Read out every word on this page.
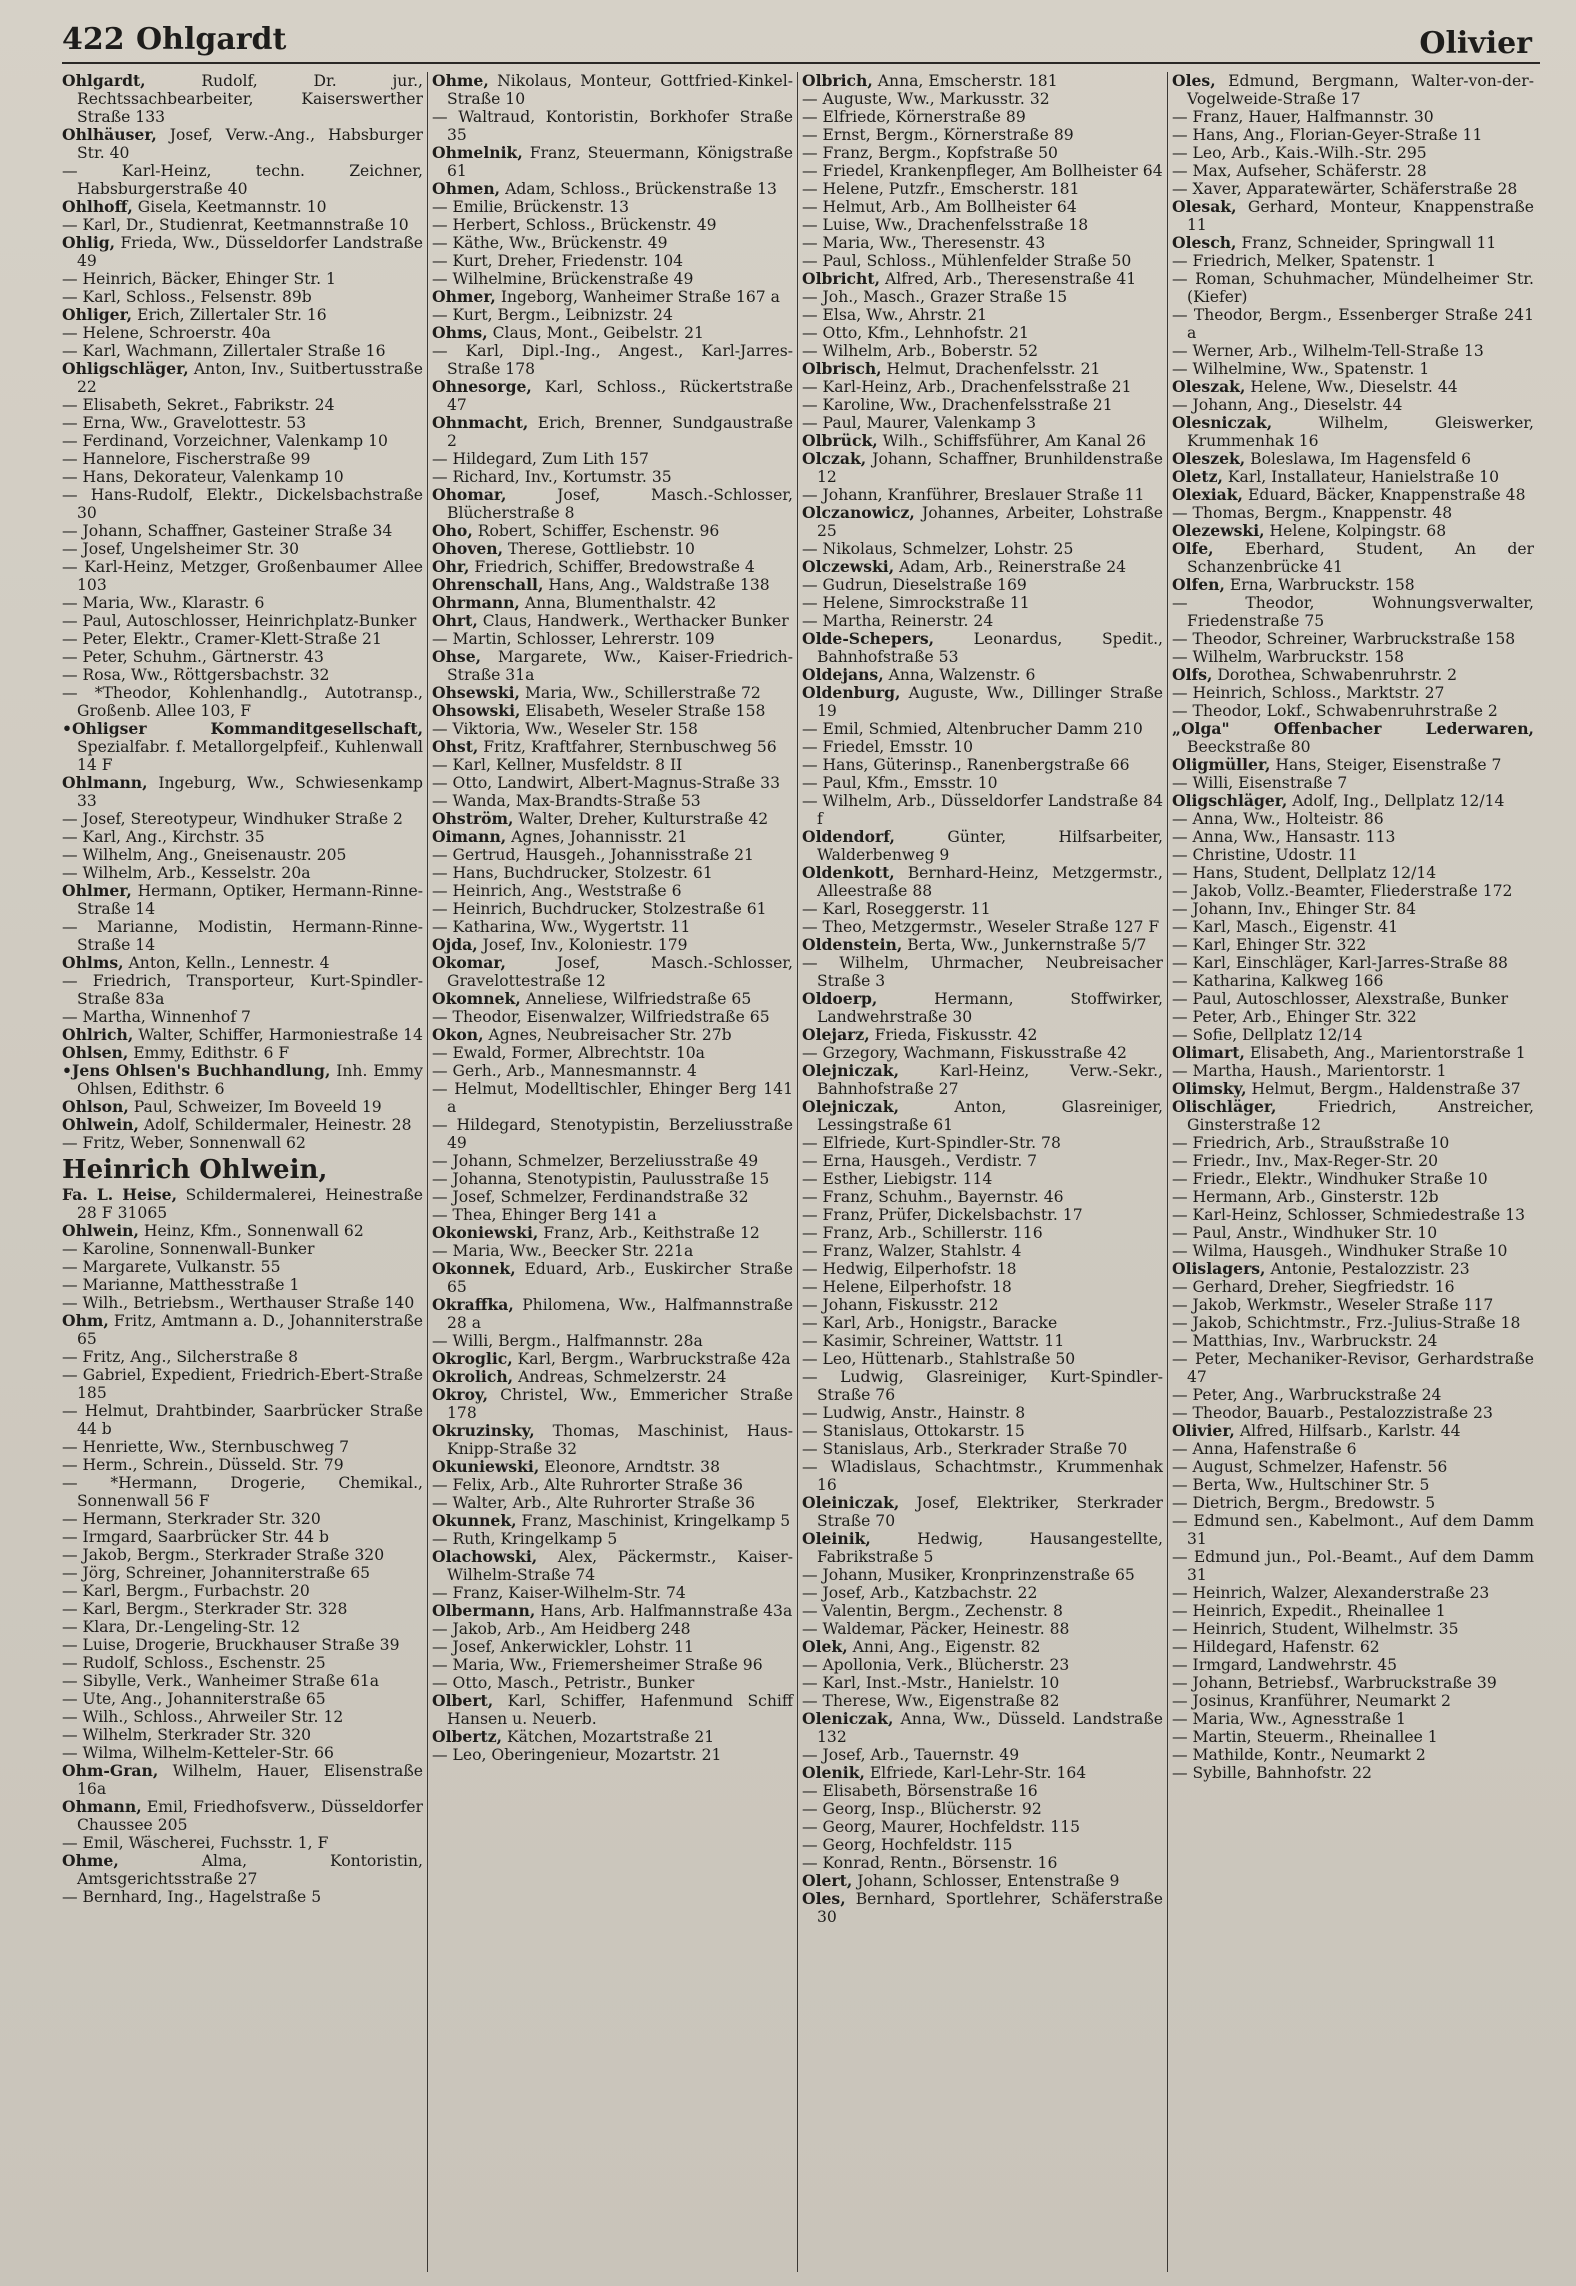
422 Ohlgardt	Olivier
Ohlgardt, Rudolf, Dr. jur., Rechtssachbearbeiter, Kaiserswerther Straße 133
Ohlhäuser, Josef, Verw.-Ang., Habsburger Str. 40
— Karl-Heinz, techn. Zeichner, Habsburgerstraße 40
Ohlhoff, Gisela, Keetmannstr. 10
— Karl, Dr., Studienrat, Keetmannstraße 10
Ohlig, Frieda, Ww., Düsseldorfer Landstraße 49
— Heinrich, Bäcker, Ehinger Str. 1
— Karl, Schloss., Felsenstr. 89b
Ohliger, Erich, Zillertaler Str. 16
— Helene, Schroerstr. 40a
— Karl, Wachmann, Zillertaler Straße 16
Ohligschläger, Anton, Inv., Suitbertusstraße 22
— Elisabeth, Sekret., Fabrikstr. 24
— Erna, Ww., Gravelottestr. 53
— Ferdinand, Vorzeichner, Valenkamp 10
— Hannelore, Fischerstraße 99
— Hans, Dekorateur, Valenkamp 10
— Hans-Rudolf, Elektr., Dickelsbachstraße 30
— Johann, Schaffner, Gasteiner Straße 34
— Josef, Ungelsheimer Str. 30
— Karl-Heinz, Metzger, Großenbaumer Allee 103
— Maria, Ww., Klarastr. 6
— Paul, Autoschlosser, Heinrichplatz-Bunker
— Peter, Elektr., Cramer-Klett-Straße 21
— Peter, Schuhm., Gärtnerstr. 43
— Rosa, Ww., Röttgersbachstr. 32
— *Theodor, Kohlenhandlg., Autotransp., Großenb. Allee 103, F
•Ohligser Kommanditgesellschaft, Spezialfabr. f. Metallorgelpfeif., Kuhlenwall 14 F
Ohlmann, Ingeburg, Ww., Schwiesenkamp 33
— Josef, Stereotypeur, Windhuker Straße 2
— Karl, Ang., Kirchstr. 35
— Wilhelm, Ang., Gneisenaustr. 205
— Wilhelm, Arb., Kesselstr. 20a
Ohlmer, Hermann, Optiker, Hermann-Rinne-Straße 14
— Marianne, Modistin, Hermann-Rinne-Straße 14
Ohlms, Anton, Kelln., Lennestr. 4
— Friedrich, Transporteur, Kurt-Spindler-Straße 83a
— Martha, Winnenhof 7
Ohlrich, Walter, Schiffer, Harmoniestraße 14
Ohlsen, Emmy, Edithstr. 6 F
•Jens Ohlsen's Buchhandlung, Inh. Emmy Ohlsen, Edithstr. 6
Ohlson, Paul, Schweizer, Im Boveeld 19
Ohlwein, Adolf, Schildermaler, Heinestr. 28
— Fritz, Weber, Sonnenwall 62
Heinrich Ohlwein,
Fa. L. Heise, Schildermalerei, Heinestraße 28 F 31065
Ohlwein, Heinz, Kfm., Sonnenwall 62
— Karoline, Sonnenwall-Bunker
— Margarete, Vulkanstr. 55
— Marianne, Matthesstraße 1
— Wilh., Betriebsm., Werthauser Straße 140
Ohm, Fritz, Amtmann a. D., Johanniterstraße 65
— Fritz, Ang., Silcherstraße 8
— Gabriel, Expedient, Friedrich-Ebert-Straße 185
— Helmut, Drahtbinder, Saarbrücker Straße 44 b
— Henriette, Ww., Sternbuschweg 7
— Herm., Schrein., Düsseld. Str. 79
— *Hermann, Drogerie, Chemikal., Sonnenwall 56 F
— Hermann, Sterkrader Str. 320
— Irmgard, Saarbrücker Str. 44 b
— Jakob, Bergm., Sterkrader Straße 320
— Jörg, Schreiner, Johanniterstraße 65
— Karl, Bergm., Furbachstr. 20
— Karl, Bergm., Sterkrader Str. 328
— Klara, Dr.-Lengeling-Str. 12
— Luise, Drogerie, Bruckhauser Straße 39
— Rudolf, Schloss., Eschenstr. 25
— Sibylle, Verk., Wanheimer Straße 61a
— Ute, Ang., Johanniterstraße 65
— Wilh., Schloss., Ahrweiler Str. 12
— Wilhelm, Sterkrader Str. 320
— Wilma, Wilhelm-Ketteler-Str. 66
Ohm-Gran, Wilhelm, Hauer, Elisenstraße 16a
Ohmann, Emil, Friedhofsverw., Düsseldorfer Chaussee 205
— Emil, Wäscherei, Fuchsstr. 1, F
Ohme, Alma, Kontoristin, Amtsgerichtsstraße 27
— Bernhard, Ing., Hagelstraße 5
Ohme, Nikolaus, Monteur, Gottfried-Kinkel-Straße 10
— Waltraud, Kontoristin, Borkhofer Straße 35
Ohmelnik, Franz, Steuermann, Königstraße 61
Ohmen, Adam, Schloss., Brückenstraße 13
— Emilie, Brückenstr. 13
— Herbert, Schloss., Brückenstr. 49
— Käthe, Ww., Brückenstr. 49
— Kurt, Dreher, Friedenstr. 104
— Wilhelmine, Brückenstraße 49
Ohmer, Ingeborg, Wanheimer Straße 167 a
— Kurt, Bergm., Leibnizstr. 24
Ohms, Claus, Mont., Geibelstr. 21
— Karl, Dipl.-Ing., Angest., Karl-Jarres-Straße 178
Ohnesorge, Karl, Schloss., Rückertstraße 47
Ohnmacht, Erich, Brenner, Sundgaustraße 2
— Hildegard, Zum Lith 157
— Richard, Inv., Kortumstr. 35
Ohomar, Josef, Masch.-Schlosser, Blücherstraße 8
Oho, Robert, Schiffer, Eschenstr. 96
Ohoven, Therese, Gottliebstr. 10
Ohr, Friedrich, Schiffer, Bredowstraße 4
Ohrenschall, Hans, Ang., Waldstraße 138
Ohrmann, Anna, Blumenthalstr. 42
Ohrt, Claus, Handwerk., Werthacker Bunker
— Martin, Schlosser, Lehrerstr. 109
Ohse, Margarete, Ww., Kaiser-Friedrich-Straße 31a
Ohsewski, Maria, Ww., Schillerstraße 72
Ohsowski, Elisabeth, Weseler Straße 158
— Viktoria, Ww., Weseler Str. 158
Ohst, Fritz, Kraftfahrer, Sternbuschweg 56
— Karl, Kellner, Musfeldstr. 8 II
— Otto, Landwirt, Albert-Magnus-Straße 33
— Wanda, Max-Brandts-Straße 53
Ohström, Walter, Dreher, Kulturstraße 42
Oimann, Agnes, Johannisstr. 21
— Gertrud, Hausgeh., Johannisstraße 21
— Hans, Buchdrucker, Stolzestr. 61
— Heinrich, Ang., Weststraße 6
— Heinrich, Buchdrucker, Stolzestraße 61
— Katharina, Ww., Wygertstr. 11
Ojda, Josef, Inv., Koloniestr. 179
Okomar, Josef, Masch.-Schlosser, Gravelottestraße 12
Okomnek, Anneliese, Wilfriedstraße 65
— Theodor, Eisenwalzer, Wilfriedstraße 65
Okon, Agnes, Neubreisacher Str. 27b
— Ewald, Former, Albrechtstr. 10a
— Gerh., Arb., Mannesmannstr. 4
— Helmut, Modelltischler, Ehinger Berg 141 a
— Hildegard, Stenotypistin, Berzeliusstraße 49
— Johann, Schmelzer, Berzeliusstraße 49
— Johanna, Stenotypistin, Paulusstraße 15
— Josef, Schmelzer, Ferdinandstraße 32
— Thea, Ehinger Berg 141 a
Okoniewski, Franz, Arb., Keithstraße 12
— Maria, Ww., Beecker Str. 221a
Okonnek, Eduard, Arb., Euskircher Straße 65
Okraffka, Philomena, Ww., Halfmannstraße 28 a
— Willi, Bergm., Halfmannstr. 28a
Okroglic, Karl, Bergm., Warbruckstraße 42a
Okrolich, Andreas, Schmelzerstr. 24
Okroy, Christel, Ww., Emmericher Straße 178
Okruzinsky, Thomas, Maschinist, Haus-Knipp-Straße 32
Okuniewski, Eleonore, Arndtstr. 38
— Felix, Arb., Alte Ruhrorter Straße 36
— Walter, Arb., Alte Ruhrorter Straße 36
Okunnek, Franz, Maschinist, Kringelkamp 5
— Ruth, Kringelkamp 5
Olachowski, Alex, Päckermstr., Kaiser-Wilhelm-Straße 74
— Franz, Kaiser-Wilhelm-Str. 74
Olbermann, Hans, Arb. Halfmannstraße 43a
— Jakob, Arb., Am Heidberg 248
— Josef, Ankerwickler, Lohstr. 11
— Maria, Ww., Friemersheimer Straße 96
— Otto, Masch., Petristr., Bunker
Olbert, Karl, Schiffer, Hafenmund Schiff Hansen u. Neuerb.
Olbertz, Kätchen, Mozartstraße 21
— Leo, Oberingenieur, Mozartstr. 21
Olbrich, Anna, Emscherstr. 181
— Auguste, Ww., Markusstr. 32
— Elfriede, Körnerstraße 89
— Ernst, Bergm., Körnerstraße 89
— Franz, Bergm., Kopfstraße 50
— Friedel, Krankenpfleger, Am Bollheister 64
— Helene, Putzfr., Emscherstr. 181
— Helmut, Arb., Am Bollheister 64
— Luise, Ww., Drachenfelsstraße 18
— Maria, Ww., Theresenstr. 43
— Paul, Schloss., Mühlenfelder Straße 50
Olbricht, Alfred, Arb., Theresenstraße 41
— Joh., Masch., Grazer Straße 15
— Elsa, Ww., Ahrstr. 21
— Otto, Kfm., Lehnhofstr. 21
— Wilhelm, Arb., Boberstr. 52
Olbrisch, Helmut, Drachenfelsstr. 21
— Karl-Heinz, Arb., Drachenfelsstraße 21
— Karoline, Ww., Drachenfelsstraße 21
— Paul, Maurer, Valenkamp 3
Olbrück, Wilh., Schiffsführer, Am Kanal 26
Olczak, Johann, Schaffner, Brunhildenstraße 12
— Johann, Kranführer, Breslauer Straße 11
Olczanowicz, Johannes, Arbeiter, Lohstraße 25
— Nikolaus, Schmelzer, Lohstr. 25
Olczewski, Adam, Arb., Reinerstraße 24
— Gudrun, Dieselstraße 169
— Helene, Simrockstraße 11
— Martha, Reinerstr. 24
Olde-Schepers, Leonardus, Spedit., Bahnhofstraße 53
Oldejans, Anna, Walzenstr. 6
Oldenburg, Auguste, Ww., Dillinger Straße 19
— Emil, Schmied, Altenbrucher Damm 210
— Friedel, Emsstr. 10
— Hans, Güterinsp., Ranenbergstraße 66
— Paul, Kfm., Emsstr. 10
— Wilhelm, Arb., Düsseldorfer Landstraße 84 f
Oldendorf, Günter, Hilfsarbeiter, Walderbenweg 9
Oldenkott, Bernhard-Heinz, Metzgermstr., Alleestraße 88
— Karl, Roseggerstr. 11
— Theo, Metzgermstr., Weseler Straße 127 F
Oldenstein, Berta, Ww., Junkernstraße 5/7
— Wilhelm, Uhrmacher, Neubreisacher Straße 3
Oldoerp, Hermann, Stoffwirker, Landwehrstraße 30
Olejarz, Frieda, Fiskusstr. 42
— Grzegory, Wachmann, Fiskusstraße 42
Olejniczak, Karl-Heinz, Verw.-Sekr., Bahnhofstraße 27
Olejniczak, Anton, Glasreiniger, Lessingstraße 61
— Elfriede, Kurt-Spindler-Str. 78
— Erna, Hausgeh., Verdistr. 7
— Esther, Liebigstr. 114
— Franz, Schuhm., Bayernstr. 46
— Franz, Prüfer, Dickelsbachstr. 17
— Franz, Arb., Schillerstr. 116
— Franz, Walzer, Stahlstr. 4
— Hedwig, Eilperhofstr. 18
— Helene, Eilperhofstr. 18
— Johann, Fiskusstr. 212
— Karl, Arb., Honigstr., Baracke
— Kasimir, Schreiner, Wattstr. 11
— Leo, Hüttenarb., Stahlstraße 50
— Ludwig, Glasreiniger, Kurt-Spindler-Straße 76
— Ludwig, Anstr., Hainstr. 8
— Stanislaus, Ottokarstr. 15
— Stanislaus, Arb., Sterkrader Straße 70
— Wladislaus, Schachtmstr., Krummenhak 16
Oleiniczak, Josef, Elektriker, Sterkrader Straße 70
Oleinik, Hedwig, Hausangestellte, Fabrikstraße 5
— Johann, Musiker, Kronprinzenstraße 65
— Josef, Arb., Katzbachstr. 22
— Valentin, Bergm., Zechenstr. 8
— Waldemar, Päcker, Heinestr. 88
Olek, Anni, Ang., Eigenstr. 82
— Apollonia, Verk., Blücherstr. 23
— Karl, Inst.-Mstr., Hanielstr. 10
— Therese, Ww., Eigenstraße 82
Oleniczak, Anna, Ww., Düsseld. Landstraße 132
— Josef, Arb., Tauernstr. 49
Olenik, Elfriede, Karl-Lehr-Str. 164
— Elisabeth, Börsenstraße 16
— Georg, Insp., Blücherstr. 92
— Georg, Maurer, Hochfeldstr. 115
— Georg, Hochfeldstr. 115
— Konrad, Rentn., Börsenstr. 16
Olert, Johann, Schlosser, Entenstraße 9
Oles, Bernhard, Sportlehrer, Schäferstraße 30
Oles, Edmund, Bergmann, Walter-von-der-Vogelweide-Straße 17
— Franz, Hauer, Halfmannstr. 30
— Hans, Ang., Florian-Geyer-Straße 11
— Leo, Arb., Kais.-Wilh.-Str. 295
— Max, Aufseher, Schäferstr. 28
— Xaver, Apparatewärter, Schäferstraße 28
Olesak, Gerhard, Monteur, Knappenstraße 11
Olesch, Franz, Schneider, Springwall 11
— Friedrich, Melker, Spatenstr. 1
— Roman, Schuhmacher, Mündelheimer Str. (Kiefer)
— Theodor, Bergm., Essenberger Straße 241 a
— Werner, Arb., Wilhelm-Tell-Straße 13
— Wilhelmine, Ww., Spatenstr. 1
Oleszak, Helene, Ww., Dieselstr. 44
— Johann, Ang., Dieselstr. 44
Olesniczak, Wilhelm, Gleiswerker, Krummenhak 16
Oleszek, Boleslawa, Im Hagensfeld 6
Oletz, Karl, Installateur, Hanielstraße 10
Olexiak, Eduard, Bäcker, Knappenstraße 48
— Thomas, Bergm., Knappenstr. 48
Olezewski, Helene, Kolpingstr. 68
Olfe, Eberhard, Student, An der Schanzenbrücke 41
Olfen, Erna, Warbruckstr. 158
— Theodor, Wohnungsverwalter, Friedenstraße 75
— Theodor, Schreiner, Warbruckstraße 158
— Wilhelm, Warbruckstr. 158
Olfs, Dorothea, Schwabenruhrstr. 2
— Heinrich, Schloss., Marktstr. 27
— Theodor, Lokf., Schwabenruhrstraße 2
„Olga" Offenbacher Lederwaren, Beeckstraße 80
Oligmüller, Hans, Steiger, Eisenstraße 7
— Willi, Eisenstraße 7
Oligschläger, Adolf, Ing., Dellplatz 12/14
— Anna, Ww., Holteistr. 86
— Anna, Ww., Hansastr. 113
— Christine, Udostr. 11
— Hans, Student, Dellplatz 12/14
— Jakob, Vollz.-Beamter, Fliederstraße 172
— Johann, Inv., Ehinger Str. 84
— Karl, Masch., Eigenstr. 41
— Karl, Ehinger Str. 322
— Karl, Einschläger, Karl-Jarres-Straße 88
— Katharina, Kalkweg 166
— Paul, Autoschlosser, Alexstraße, Bunker
— Peter, Arb., Ehinger Str. 322
— Sofie, Dellplatz 12/14
Olimart, Elisabeth, Ang., Marientorstraße 1
— Martha, Haush., Marientorstr. 1
Olimsky, Helmut, Bergm., Haldenstraße 37
Olischläger, Friedrich, Anstreicher, Ginsterstraße 12
— Friedrich, Arb., Straußstraße 10
— Friedr., Inv., Max-Reger-Str. 20
— Friedr., Elektr., Windhuker Straße 10
— Hermann, Arb., Ginsterstr. 12b
— Karl-Heinz, Schlosser, Schmiedestraße 13
— Paul, Anstr., Windhuker Str. 10
— Wilma, Hausgeh., Windhuker Straße 10
Olislagers, Antonie, Pestalozzistr. 23
— Gerhard, Dreher, Siegfriedstr. 16
— Jakob, Werkmstr., Weseler Straße 117
— Jakob, Schichtmstr., Frz.-Julius-Straße 18
— Matthias, Inv., Warbruckstr. 24
— Peter, Mechaniker-Revisor, Gerhardstraße 47
— Peter, Ang., Warbruckstraße 24
— Theodor, Bauarb., Pestalozzistraße 23
Olivier, Alfred, Hilfsarb., Karlstr. 44
— Anna, Hafenstraße 6
— August, Schmelzer, Hafenstr. 56
— Berta, Ww., Hultschiner Str. 5
— Dietrich, Bergm., Bredowstr. 5
— Edmund sen., Kabelmont., Auf dem Damm 31
— Edmund jun., Pol.-Beamt., Auf dem Damm 31
— Heinrich, Walzer, Alexanderstraße 23
— Heinrich, Expedit., Rheinallee 1
— Heinrich, Student, Wilhelmstr. 35
— Hildegard, Hafenstr. 62
— Irmgard, Landwehrstr. 45
— Johann, Betriebsf., Warbruckstraße 39
— Josinus, Kranführer, Neumarkt 2
— Maria, Ww., Agnesstraße 1
— Martin, Steuerm., Rheinallee 1
— Mathilde, Kontr., Neumarkt 2
— Sybille, Bahnhofstr. 22
